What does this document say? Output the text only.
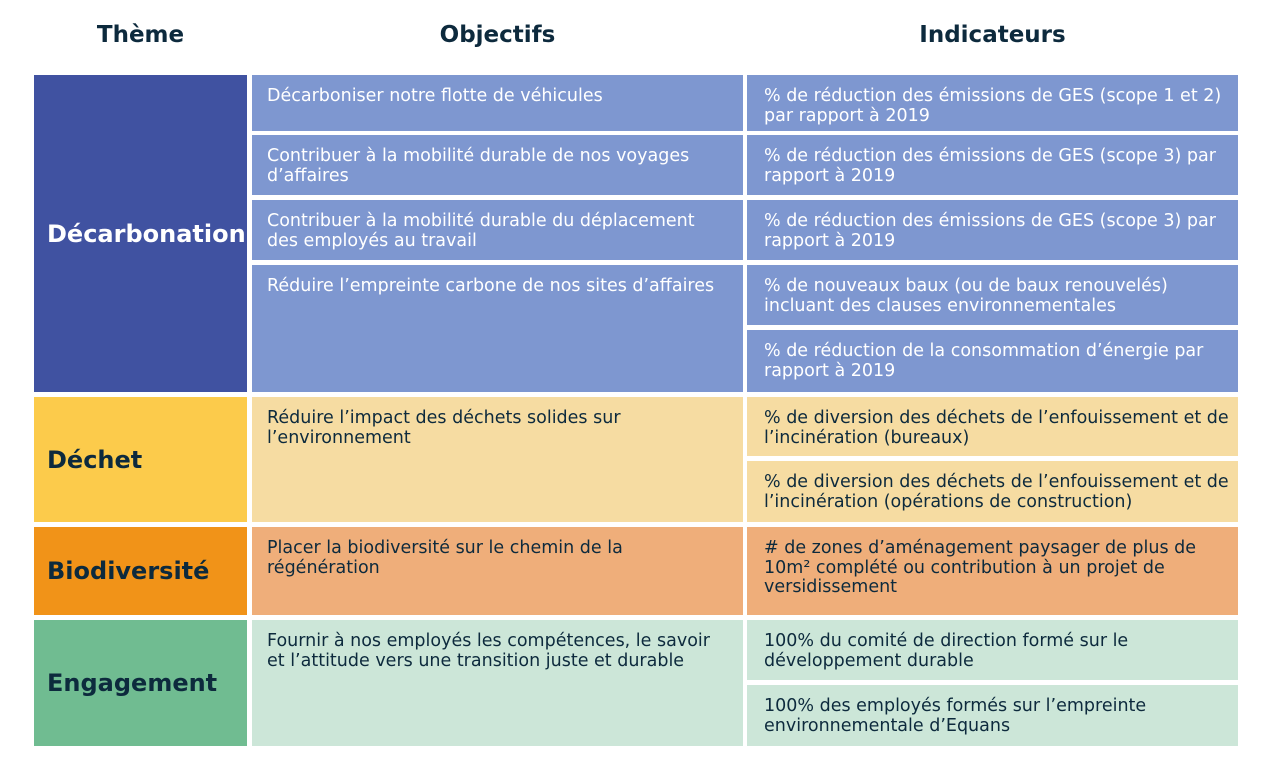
Thème	Objectifs	Indicateurs
Décarbonation
Décarboniser notre flotte de véhicules
Contribuer à la mobilité durable de nos voyages d’affaires
Contribuer à la mobilité durable du déplacement des employés au travail
Réduire l’empreinte carbone de nos sites d’affaires
% de réduction des émissions de GES (scope 1 et 2) par rapport à 2019
% de réduction des émissions de GES (scope 3) par rapport à 2019
% de réduction des émissions de GES (scope 3) par rapport à 2019
% de nouveaux baux (ou de baux renouvelés) incluant des clauses environnementales
% de réduction de la consommation d’énergie par rapport à 2019
Déchet
Réduire l’impact des déchets solides sur l’environnement
% de diversion des déchets de l’enfouissement et de l’incinération (bureaux)
% de diversion des déchets de l’enfouissement et de l’incinération (opérations de construction)
Biodiversité
Placer la biodiversité sur le chemin de la régénération
# de zones d’aménagement paysager de plus de 10m² complété ou contribution à un projet de versidissement
Engagement
Fournir à nos employés les compétences, le savoir et l’attitude vers une transition juste et durable
100% du comité de direction formé sur le développement durable
100% des employés formés sur l’empreinte environnementale d’Equans
